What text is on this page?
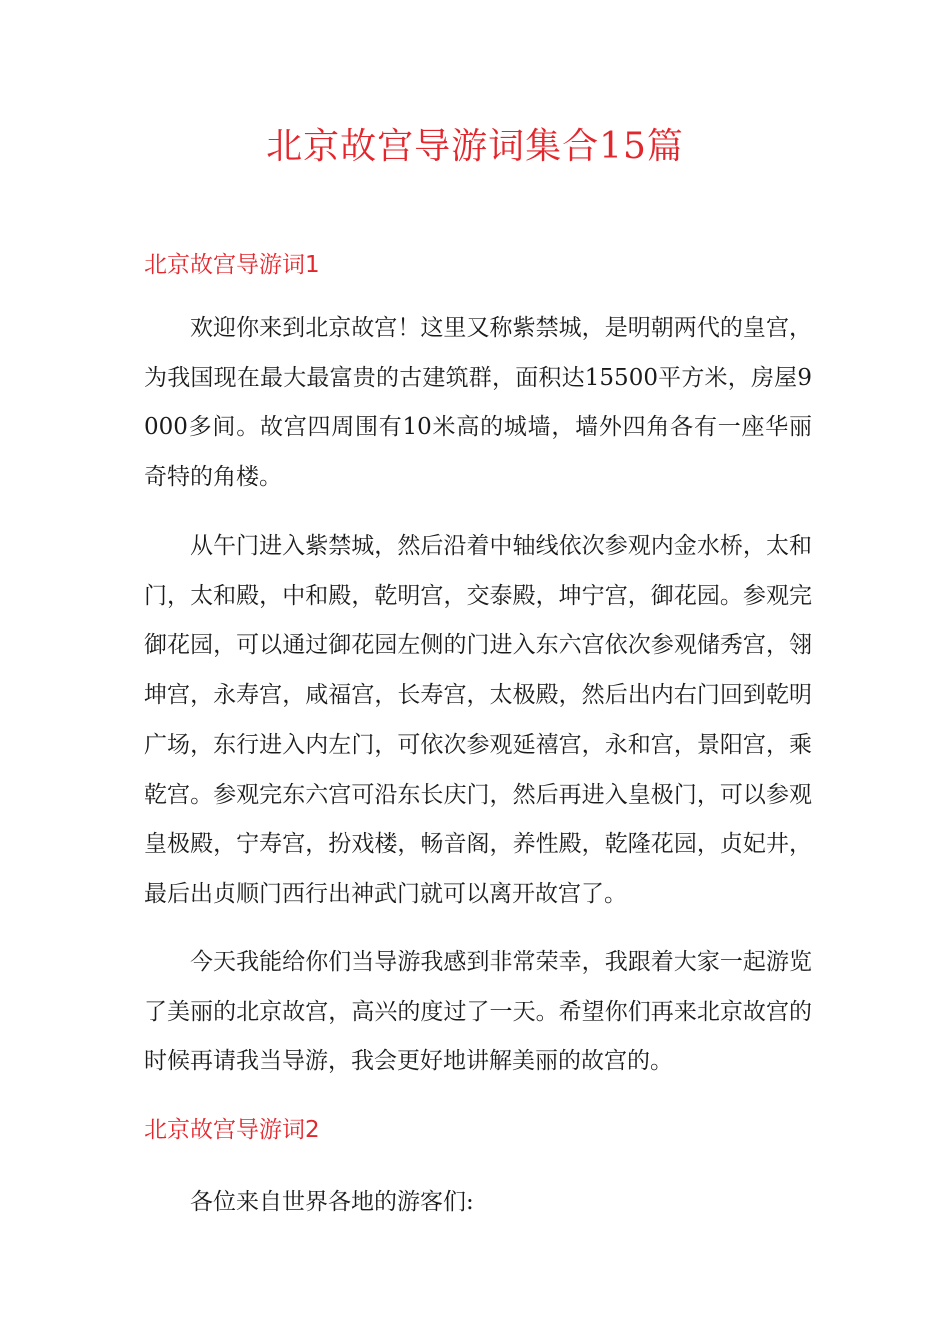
北京故宫导游词集合15篇
北京故宫导游词1

欢迎你来到北京故宫！这里又称紫禁城，是明朝两代的皇宫，为我国现在最大最富贵的古建筑群，面积达15500平方米，房屋9000多间。故宫四周围有10米高的城墙，墙外四角各有一座华丽奇特的角楼。

从午门进入紫禁城，然后沿着中轴线依次参观内金水桥，太和门，太和殿，中和殿，乾明宫，交泰殿，坤宁宫，御花园。参观完御花园，可以通过御花园左侧的门进入东六宫依次参观储秀宫，翎坤宫，永寿宫，咸福宫，长寿宫，太极殿，然后出内右门回到乾明广场，东行进入内左门，可依次参观延禧宫，永和宫，景阳宫，乘乾宫。参观完东六宫可沿东长庆门，然后再进入皇极门，可以参观皇极殿，宁寿宫，扮戏楼，畅音阁，养性殿，乾隆花园，贞妃井，最后出贞顺门西行出神武门就可以离开故宫了。

今天我能给你们当导游我感到非常荣幸，我跟着大家一起游览了美丽的北京故宫，高兴的度过了一天。希望你们再来北京故宫的时候再请我当导游，我会更好地讲解美丽的故宫的。

北京故宫导游词2

各位来自世界各地的游客们:
